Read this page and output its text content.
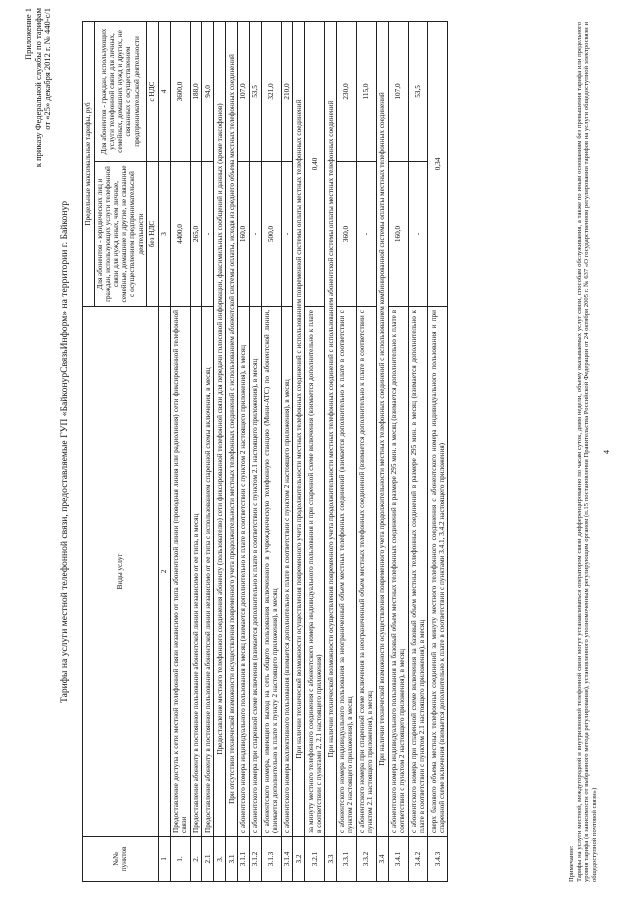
Приложение 1 к приказу Федеральной службы по тарифам от «25» декабря 2012 г. № 440-с/1
Тарифы на услуги местной телефонной связи, предоставляемые ГУП «БайконурСвязьИнформ» на территории г. Байконур
№№ пунктов	Виды услуг	Предельные максимальные тарифы, руб	
		Для абонентов - юридических лиц и граждан, использующих услуги телефонной связи для нужд иных, чем личные, семейные, домашние и другие, не связанные с осуществлением предпринимательской деятельности	Для абонентов - граждан, использующих услуги телефонной связи для личных, семейных, домашних нужд и других, не связанных с осуществлением предпринимательской деятельности
		без НДС	с НДС
1	2	3	4
1.	Предоставление доступа к сети местной телефонной связи независимо от типа абонентской линии (проводная линия или радиолиния) сети фиксированной телефонной связи	4400,0	3600,0
2.	Предоставление абоненту в постоянное пользование абонентской линии независимо от ее типа, в месяц	265,0	188,0
2.1	Предоставление абоненту в постоянное пользование абонентской линии независимо от ее типа с использованием спаренной схемы включения, в месяц	-	94,0
3.	Предоставление местного телефонного соединения абоненту (пользователю) сети фиксированной телефонной связи для передачи голосовой информации, факсимильных сообщений и данных (кроме таксофонов)		
3.1	При отсутствии технической возможности осуществления повременного учета продолжительности местных телефонных соединений с использованием абонентской системы оплаты, исходя из среднего объема местных телефонных соединений		
3.1.1	с абонентского номера индивидуального пользования в месяц (взимается дополнительно к плате в соответствии с пунктом 2 настоящего приложения), в месяц	160,0	107,0
3.1.2	с абонентского номера при спаренной схеме включения (взимается дополнительно к плате в соответствии с пунктом 2.1 настоящего приложения), в месяц	-	53,5
3.1.3	с абонентского номера, имеющего выход на сеть общего пользования включенного в учрежденческую телефонную станцию (Мини-АТС) по абонентской линии, (взимается дополнительно к плате к пункту 2 настоящего приложения), в месяц	500,0	321,0
3.1.4	с абонентского номера коллективного пользования (взимается дополнительно к плате в соответствии с пунктом 2 настоящего приложения), в месяц	-	210,0
3.2	При наличии технической возможности осуществления повременного учета продолжительности местных телефонных соединений с использованием повременной системы оплаты местных телефонных соединений		
3.2.1	за минуту местного телефонного соединения с абонентского номера индивидуального пользования и при спаренной схеме включения (взимается дополнительно к плате в соответствии с пунктами 2, 2.1 настоящего приложения)	0,40	
3.3	При наличии технической возможности осуществления повременного учета продолжительности местных телефонных соединений с использованием абонентской системы оплаты местных телефонных соединений		
3.3.1	с абонентского номера индивидуального пользования за неограниченный объем местных телефонных соединений (взимается дополнительно к плате в соответствии с пунктом 2 настоящего приложения), в месяц	360,0	230,0
3.3.2	с абонентского номера при спаренной схеме включения за неограниченный объем местных телефонных соединений (взимается дополнительно к плате в соответствии с пунктом 2.1 настоящего приложения), в месяц	-	115,0
3.4	При наличии технической возможности осуществления повременного учета продолжительности местных телефонных соединений с использованием комбинированной системы оплаты местных телефонных соединений		
3.4.1	с абонентского номера индивидуального пользования за базовый объем местных телефонных соединений в размере 295 мин. в месяц (взимается дополнительно к плате в соответствии с пунктом 2 настоящего приложения), в месяц	160,0	107,0
3.4.2	с абонентского номера при спаренной схеме включения за базовый объем местных телефонных соединений в размере 295 мин. в месяц (взимается дополнительно к плате в соответствии с пунктом 2.1 настоящего приложения), в месяц	-	53,5
3.4.3	сверх базового объема местных телефонных соединений за минуту местного телефонного соединения с абонентского номера индивидуального пользования и при спаренной схеме включения (взимается дополнительно к плате в соответствии с пунктами 3.4.1, 3.4.2 настоящего приложения)	0,34	
Примечание: Тарифы на услуги местной, междугородной и внутризоновой телефонной связи могут устанавливаться оператором связи дифференцированно по часам суток, дням недели, объему оказываемых услуг связи, способам обслуживания, а также по иным основаниям без превышения тарифа или предельного уровня тарифа (в зависимости от выбранного метода регулирования), установленного уполномоченным регулирующим органом (п.15 постановления Правительства Российской Федерации от 24 октября 2005 г. № 637 «О государственном регулировании тарифов на услуги общедоступной электросвязи и общедоступной почтовой связи»)
4
